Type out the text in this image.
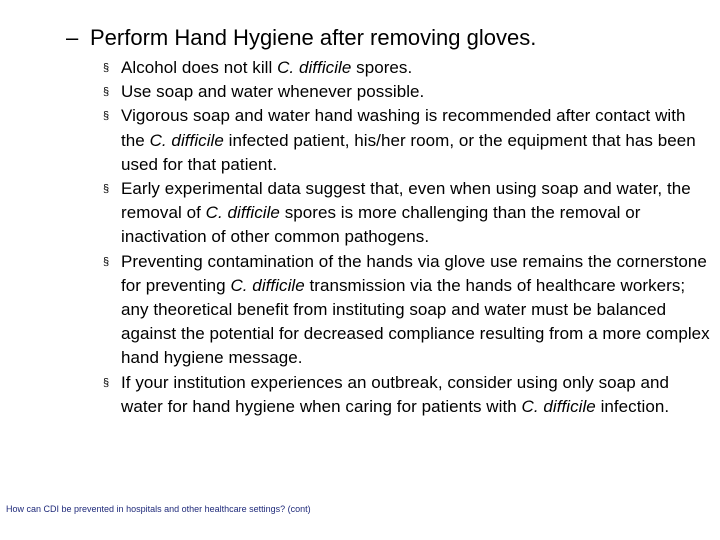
– Perform Hand Hygiene after removing gloves.
§ Alcohol does not kill C. difficile spores.
§ Use soap and water whenever possible.
§ Vigorous soap and water hand washing is recommended after contact with the C. difficile infected patient, his/her room, or the equipment that has been used for that patient.
§ Early experimental data suggest that, even when using soap and water, the removal of C. difficile spores is more challenging than the removal or inactivation of other common pathogens.
§ Preventing contamination of the hands via glove use remains the cornerstone for preventing C. difficile transmission via the hands of healthcare workers; any theoretical benefit from instituting soap and water must be balanced against the potential for decreased compliance resulting from a more complex hand hygiene message.
§ If your institution experiences an outbreak, consider using only soap and water for hand hygiene when caring for patients with C. difficile infection.
How can CDI be prevented in hospitals and other healthcare settings? (cont)
